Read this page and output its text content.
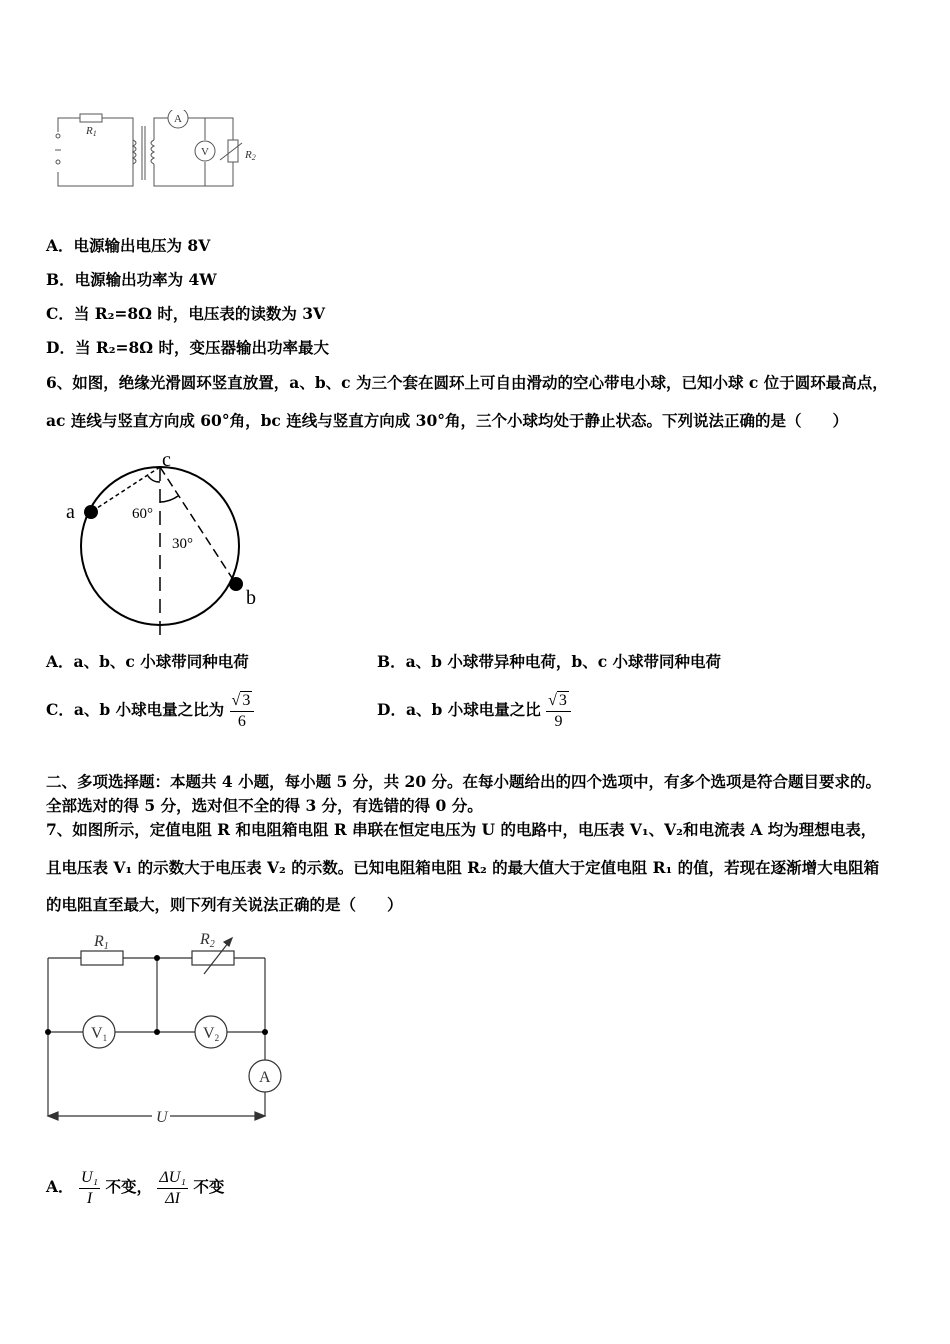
R1
A
V	R2
A．电源输出电压为 8V
B．电源输出功率为 4W
C．当 R₂=8Ω 时，电压表的读数为 3V
D．当 R₂=8Ω 时，变压器输出功率最大
6、如图，绝缘光滑圆环竖直放置，a、b、c 为三个套在圆环上可自由滑动的空心带电小球，已知小球 c 位于圆环最高点，
ac 连线与竖直方向成 60°角，bc 连线与竖直方向成 30°角，三个小球均处于静止状态。下列说法正确的是（　　）
a
b
c
60°
30°
A．a、b、c 小球带同种电荷	B．a、b 小球带异种电荷，b、c 小球带同种电荷
C．a、b 小球电量之比为 $\frac{√ 3}{6}$	D．a、b 小球电量之比 $\frac{√ 3}{9}$
二、多项选择题：本题共 4 小题，每小题 5 分，共 20 分。在每小题给出的四个选项中，有多个选项是符合题目要求的。
全部选对的得 5 分，选对但不全的得 3 分，有选错的得 0 分。
7、如图所示，定值电阻 R 和电阻箱电阻 R 串联在恒定电压为 U 的电路中，电压表 V₁、V₂和电流表 A 均为理想电表，
且电压表 V₁ 的示数大于电压表 V₂ 的示数。已知电阻箱电阻 R₂ 的最大值大于定值电阻 R₁ 的值，若现在逐渐增大电阻箱
的电阻直至最大，则下列有关说法正确的是（　　）
R1	R2
V1	V2
A
U
A． $\frac{\text{U₁}}{I}$ 不变， $\frac{\text{ΔU₁}}{\Delta I}$ 不变
